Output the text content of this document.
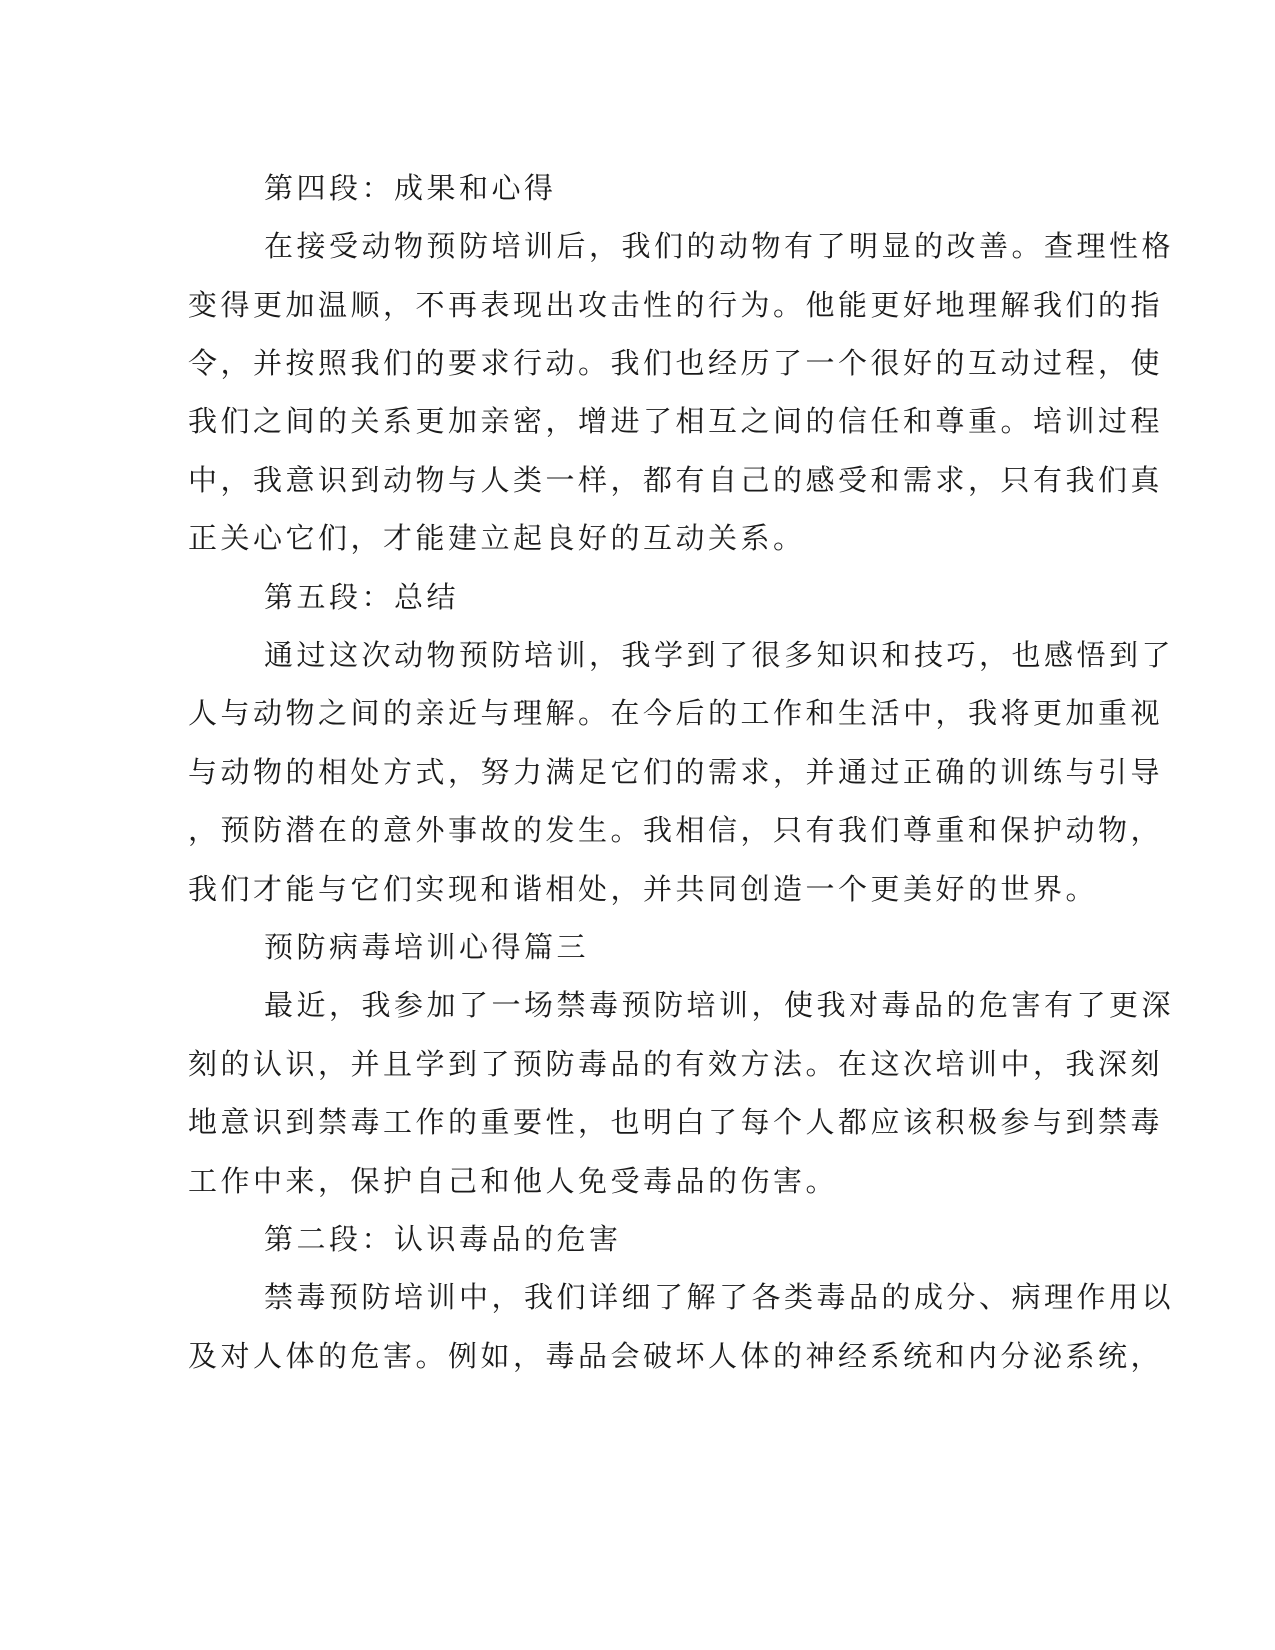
第四段：成果和心得
在接受动物预防培训后，我们的动物有了明显的改善。查理性格
变得更加温顺，不再表现出攻击性的行为。他能更好地理解我们的指
令，并按照我们的要求行动。我们也经历了一个很好的互动过程，使
我们之间的关系更加亲密，增进了相互之间的信任和尊重。培训过程
中，我意识到动物与人类一样，都有自己的感受和需求，只有我们真
正关心它们，才能建立起良好的互动关系。
第五段：总结
通过这次动物预防培训，我学到了很多知识和技巧，也感悟到了
人与动物之间的亲近与理解。在今后的工作和生活中，我将更加重视
与动物的相处方式，努力满足它们的需求，并通过正确的训练与引导
，预防潜在的意外事故的发生。我相信，只有我们尊重和保护动物，
我们才能与它们实现和谐相处，并共同创造一个更美好的世界。
预防病毒培训心得篇三
最近，我参加了一场禁毒预防培训，使我对毒品的危害有了更深
刻的认识，并且学到了预防毒品的有效方法。在这次培训中，我深刻
地意识到禁毒工作的重要性，也明白了每个人都应该积极参与到禁毒
工作中来，保护自己和他人免受毒品的伤害。
第二段：认识毒品的危害
禁毒预防培训中，我们详细了解了各类毒品的成分、病理作用以
及对人体的危害。例如，毒品会破坏人体的神经系统和内分泌系统，
